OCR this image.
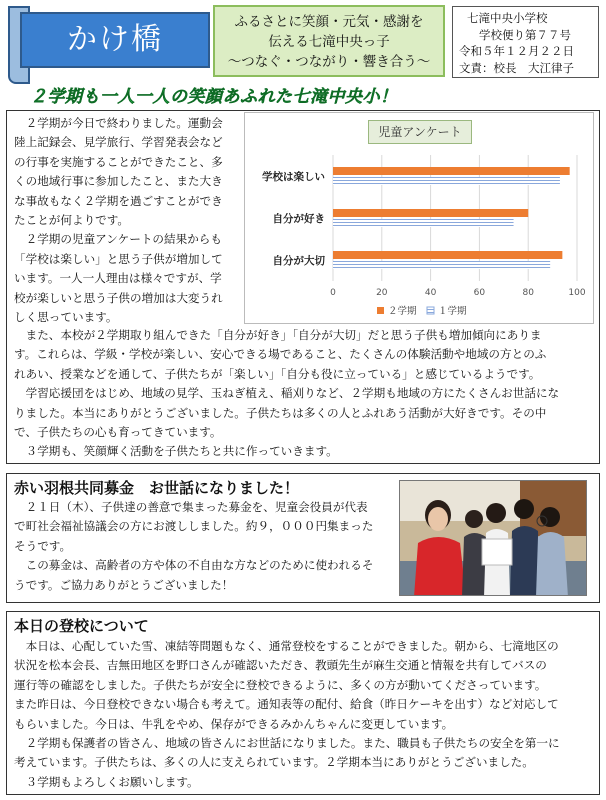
かけ橋	ふるさとに笑顔・元気・感謝を
伝える七滝中央っ子
〜つなぐ・つながり・響き合う〜
七滝中央小学校
学校便り第７７号
令和５年１２月２２日
文責：校長　大江律子
２学期も一人一人の笑顔あふれた七滝中央小！
　２学期が今日で終わりました。運動会
陸上記録会、見学旅行、学習発表会など
の行事を実施することができたこと、多
くの地域行事に参加したこと、また大き
な事故もなく２学期を過ごすことができ
たことが何よりです。
　２学期の児童アンケートの結果からも
「学校は楽しい」と思う子供が増加して
います。一人一人理由は様々ですが、学
校が楽しいと思う子供の増加は大変うれ
しく思っています。
0	20	40	60	80	100
学校は楽しい
自分が好き
自分が大切
２学期 １学期
児童アンケート
　また、本校が２学期取り組んできた「自分が好き」「自分が大切」だと思う子供も増加傾向にありま
す。これらは、学級・学校が楽しい、安心できる場であること、たくさんの体験活動や地域の方とのふ
れあい、授業などを通して、子供たちが「楽しい」「自分も役に立っている」と感じているようです。
　学習応援団をはじめ、地域の見学、玉ねぎ植え、稲刈りなど、２学期も地域の方にたくさんお世話にな
りました。本当にありがとうございました。子供たちは多くの人とふれあう活動が大好きです。その中
で、子供たちの心も育ってきています。
　３学期も、笑顔輝く活動を子供たちと共に作っていきます。
赤い羽根共同募金　お世話になりました！
　２１日（木）、子供達の善意で集まった募金を、児童会役員が代表
で町社会福祉協議会の方にお渡ししました。約９，０００円集まった
そうです。
　この募金は、高齢者の方や体の不自由な方などのために使われるそ
うです。ご協力ありがとうございました！
本日の登校について
　本日は、心配していた雪、凍結等問題もなく、通常登校をすることができました。朝から、七滝地区の
状況を松本会長、吉無田地区を野口さんが確認いただき、教頭先生が麻生交通と情報を共有してバスの
運行等の確認をしました。子供たちが安全に登校できるように、多くの方が動いてくださっています。
また昨日は、今日登校できない場合も考えて。通知表等の配付、給食（昨日ケーキを出す）など対応して
もらいました。今日は、牛乳をやめ、保存ができるみかんちゃんに変更しています。
　２学期も保護者の皆さん、地域の皆さんにお世話になりました。また、職員も子供たちの安全を第一に
考えています。子供たちは、多くの人に支えられています。２学期本当にありがとうございました。
　３学期もよろしくお願いします。
